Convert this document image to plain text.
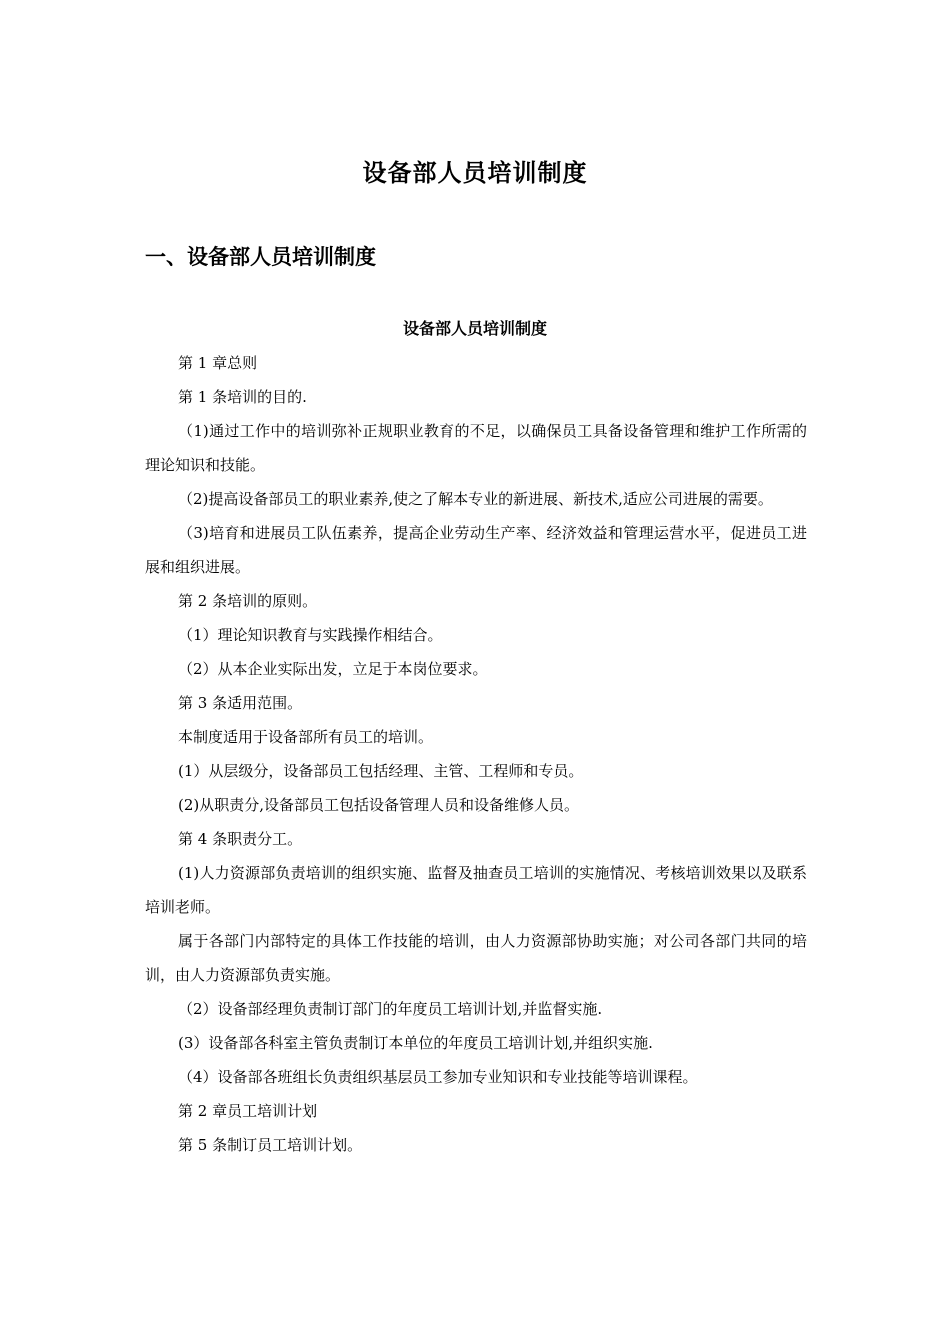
设备部人员培训制度
一、设备部人员培训制度
设备部人员培训制度

第 1 章总则

第 1 条培训的目的.

（1)通过工作中的培训弥补正规职业教育的不足，以确保员工具备设备管理和维护工作所需的理论知识和技能。

（2)提高设备部员工的职业素养,使之了解本专业的新进展、新技术,适应公司进展的需要。

（3)培育和进展员工队伍素养，提高企业劳动生产率、经济效益和管理运营水平，促进员工进展和组织进展。

第 2 条培训的原则。

（1）理论知识教育与实践操作相结合。

（2）从本企业实际出发，立足于本岗位要求。

第 3 条适用范围。

本制度适用于设备部所有员工的培训。

(1）从层级分，设备部员工包括经理、主管、工程师和专员。

(2)从职责分,设备部员工包括设备管理人员和设备维修人员。

第 4 条职责分工。

(1)人力资源部负责培训的组织实施、监督及抽查员工培训的实施情况、考核培训效果以及联系培训老师。

属于各部门内部特定的具体工作技能的培训，由人力资源部协助实施；对公司各部门共同的培训，由人力资源部负责实施。

（2）设备部经理负责制订部门的年度员工培训计划,并监督实施.

(3）设备部各科室主管负责制订本单位的年度员工培训计划,并组织实施.

（4）设备部各班组长负责组织基层员工参加专业知识和专业技能等培训课程。

第 2 章员工培训计划

第 5 条制订员工培训计划。
